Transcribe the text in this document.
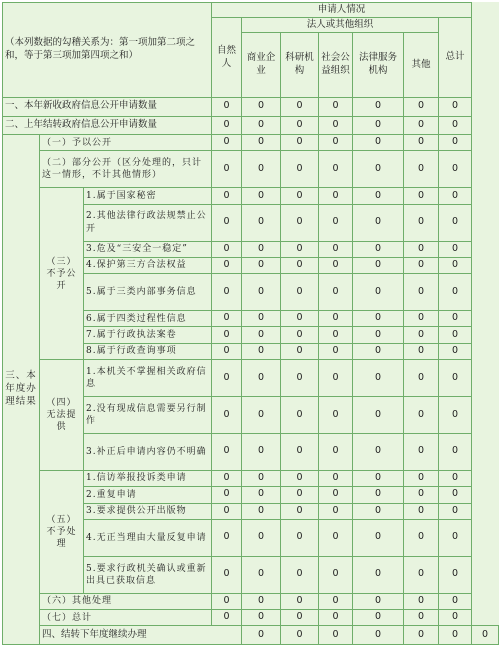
（本列数据的勾稽关系为：第一项加第二项之和，等于第三项加第四项之和）			申请人情况							
			自然人	法人或其他组织					总计	
				商业企业	科研机构	社会公益组织	法律服务机构	其他		
一、本年新收政府信息公开申请数量			0	0	0	0	0	0	0	
二、上年结转政府信息公开申请数量			0	0	0	0	0	0	0	
三、本年度办理结果	（一）予以公开		0	0	0	0	0	0	0	
	（二）部分公开（区分处理的，只计这一情形，不计其他情形）		0	0	0	0	0	0	0	
	（三）不予公开	1.属于国家秘密	0	0	0	0	0	0	0	
		2.其他法律行政法规禁止公开	0	0	0	0	0	0	0	
		3.危及“三安全一稳定”	0	0	0	0	0	0	0	
		4.保护第三方合法权益	0	0	0	0	0	0	0	
		5.属于三类内部事务信息	0	0	0	0	0	0	0	
		6.属于四类过程性信息	0	0	0	0	0	0	0	
		7.属于行政执法案卷	0	0	0	0	0	0	0	
		8.属于行政查询事项	0	0	0	0	0	0	0	
	（四）无法提供	1.本机关不掌握相关政府信息	0	0	0	0	0	0	0	
		2.没有现成信息需要另行制作	0	0	0	0	0	0	0	
		3.补正后申请内容仍不明确	0	0	0	0	0	0	0	
	（五）不予处理	1.信访举报投诉类申请	0	0	0	0	0	0	0	
		2.重复申请	0	0	0	0	0	0	0	
		3.要求提供公开出版物	0	0	0	0	0	0	0	
		4.无正当理由大量反复申请	0	0	0	0	0	0	0	
		5.要求行政机关确认或重新出具已获取信息	0	0	0	0	0	0	0	
	（六）其他处理		0	0	0	0	0	0	0	
	（七）总计		0	0	0	0	0	0	0	
	四、结转下年度继续办理			0	0	0	0	0	0	0
